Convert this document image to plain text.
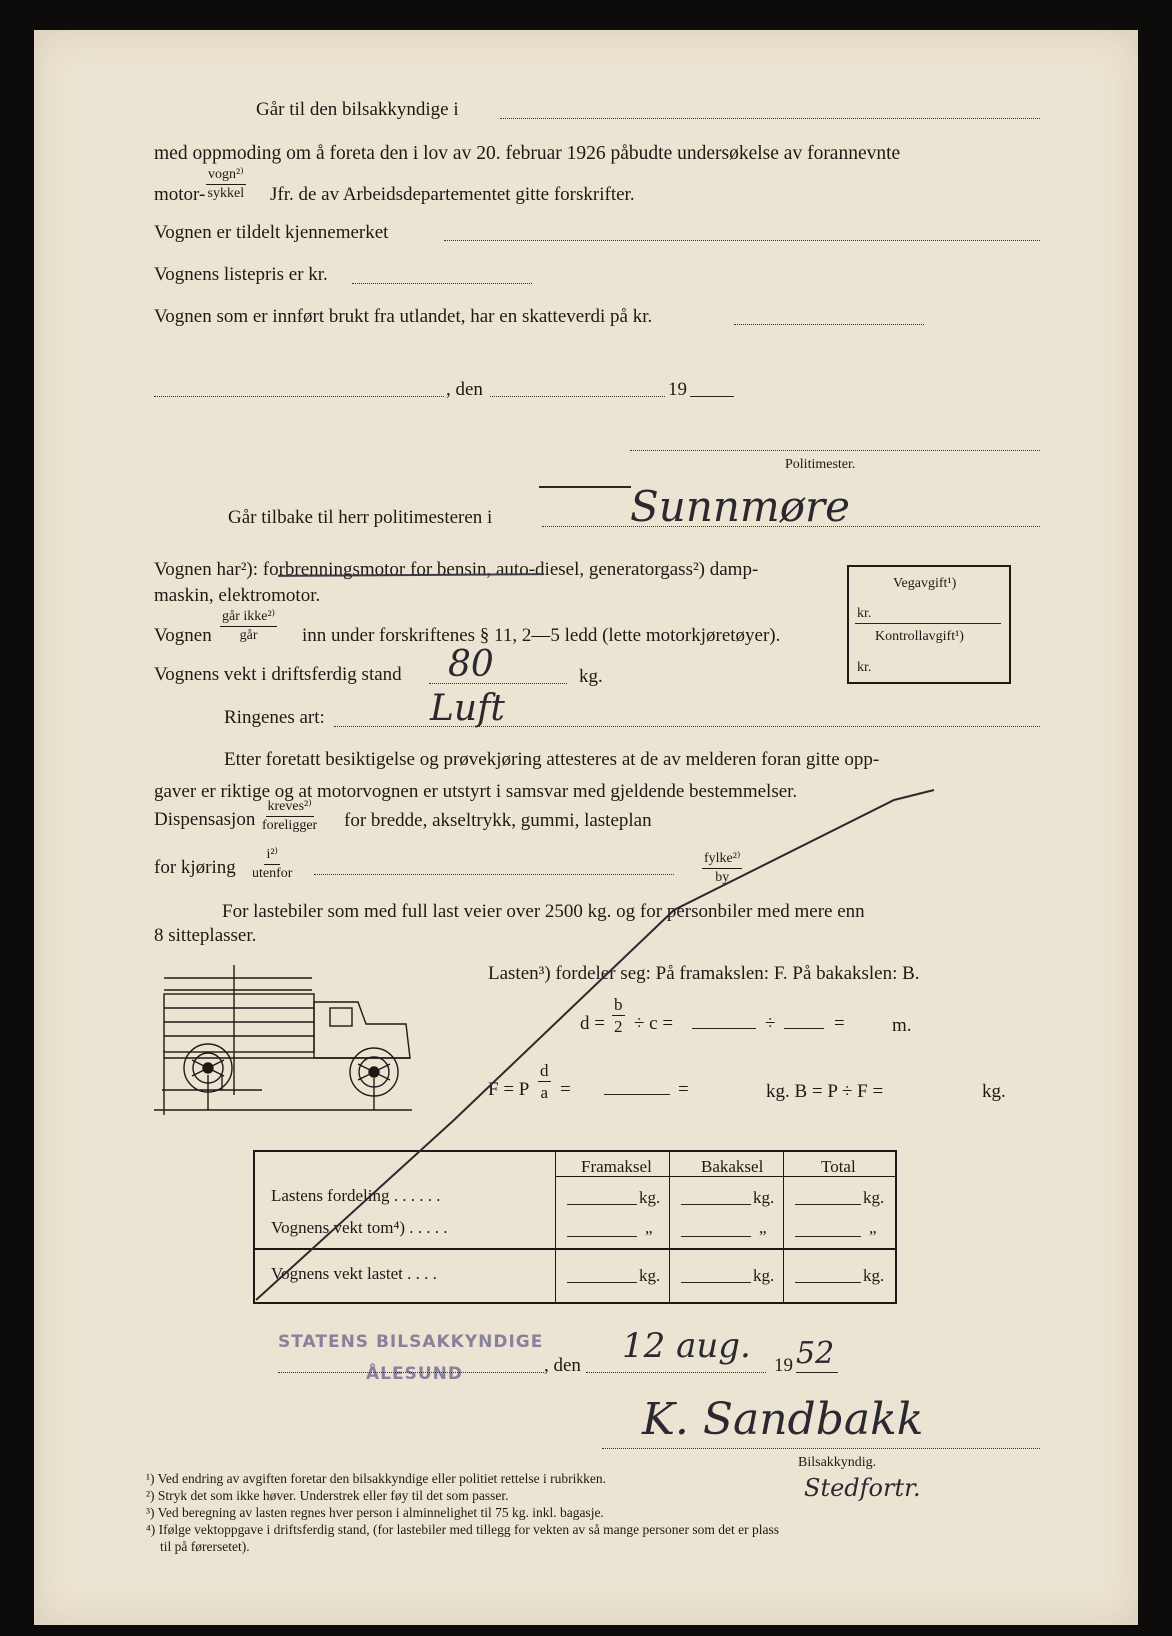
Går til den bilsakkyndige i
med oppmoding om å foreta den i lov av 20. februar 1926 påbudte undersøkelse av forannevnte
motor-
vogn²⁾
sykkel Jfr. de av Arbeidsdepartementet gitte forskrifter.
Vognen er tildelt kjennemerket
Vognens listepris er kr.
Vognen som er innført brukt fra utlandet, har en skatteverdi på kr.
, den	19
Politimester.
Går tilbake til herr politimesteren i	Sunnmøre
Vognen har²): forbrenningsmotor for bensin, auto-diesel, generatorgass²) damp-
maskin, elektromotor.
Vegavgift¹)
kr.
Kontrollavgift¹)
kr.
Vognen
går ikke²⁾
går inn under forskriftenes § 11, 2—5 ledd (lette motorkjøretøyer).
Vognens vekt i driftsferdig stand 80	kg.
Ringenes art:	Luft
Etter foretatt besiktigelse og prøvekjøring attesteres at de av melderen foran gitte opp-
gaver er riktige og at motorvognen er utstyrt i samsvar med gjeldende bestemmelser.
Dispensasjon
kreves²⁾
foreligger for bredde, akseltrykk, gummi, lasteplan
for kjøring
i²⁾
utenfor
fylke²⁾
by
For lastebiler som med full last veier over 2500 kg. og for personbiler med mere enn
8 sitteplasser.
Lasten³) fordeler seg: På framakslen: F. På bakakslen: B.
$d = \frac{b}{2} \div c$ =	÷	= m.
F = P $\frac{d}{a}$ =	=	kg. B = P ÷ F =	kg.
Framaksel	Bakaksel	Total
Lastens fordeling . . . . . .	kg.	kg.	kg.
Vognens vekt tom⁴) . . . . .	„	„	„
Vognens vekt lastet . . . .	kg.	kg.	kg.
STATENS BILSAKKYNDIGE
ÅLESUND	, den 12 aug. 19 52
K. Sandbakk
Bilsakkyndig.
Stedfortr.
¹) Ved endring av avgiften foretar den bilsakkyndige eller politiet rettelse i rubrikken.
²) Stryk det som ikke høver. Understrek eller føy til det som passer.
³) Ved beregning av lasten regnes hver person i alminnelighet til 75 kg. inkl. bagasje.
⁴) Ifølge vektoppgave i driftsferdig stand, (for lastebiler med tillegg for vekten av så mange personer som det er plass
til på førersetet).
